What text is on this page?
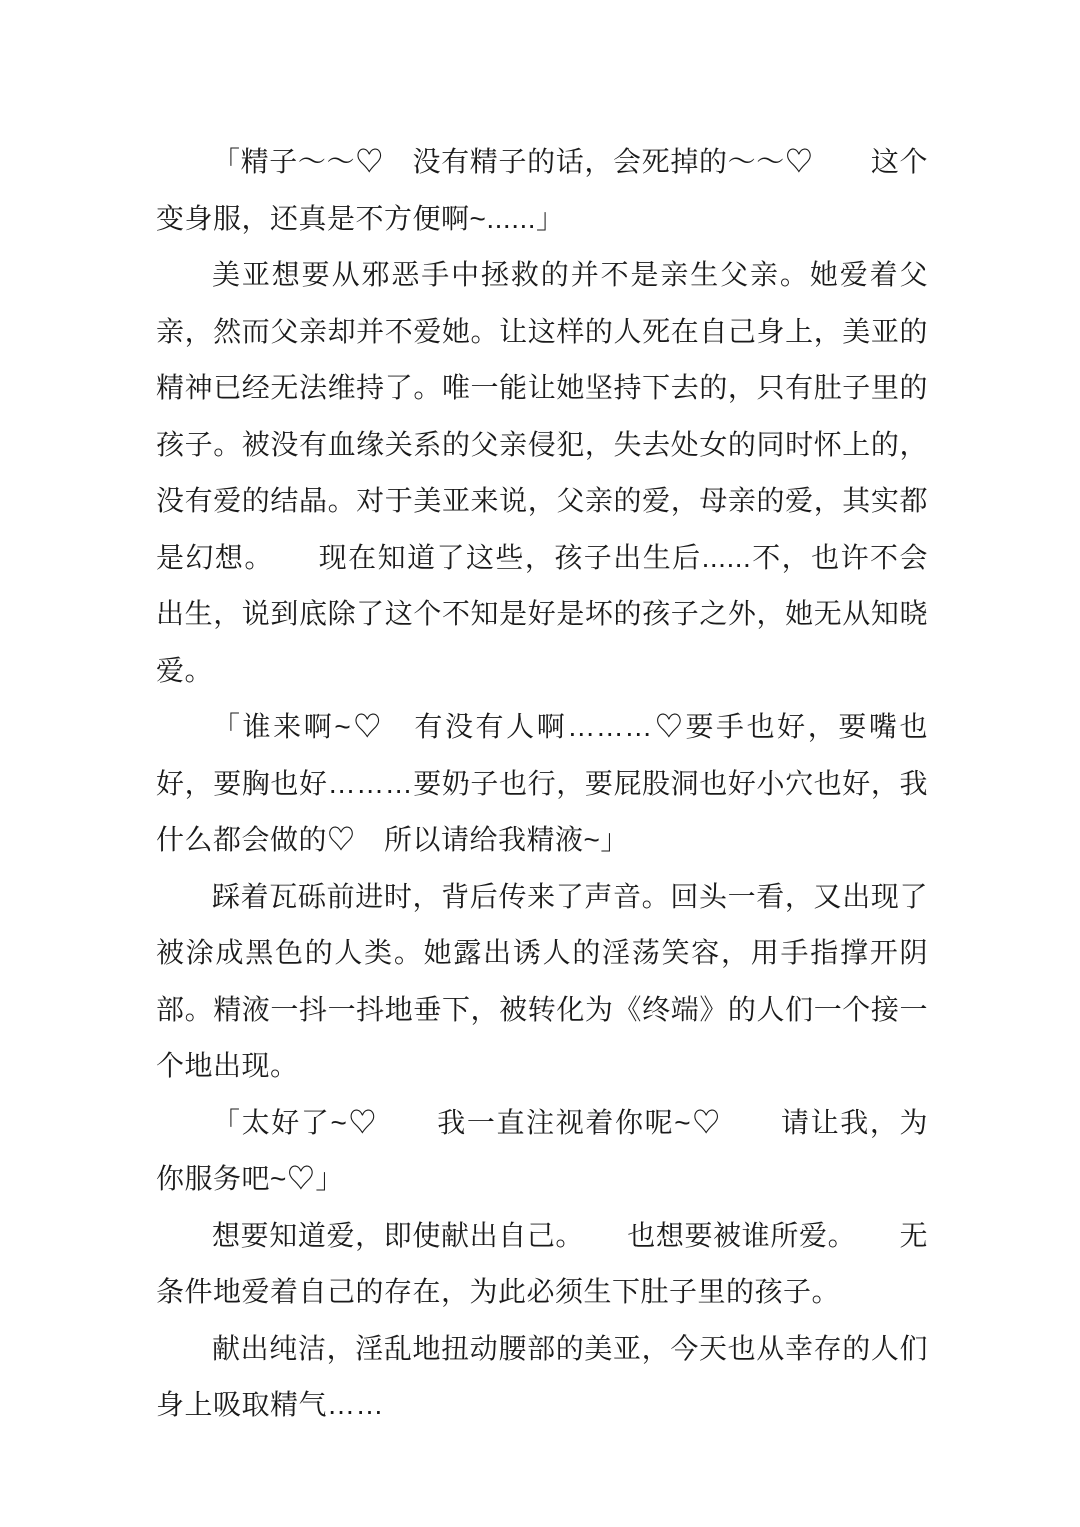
「精子～～♡　没有精子的话，会死掉的～～♡　　这个变身服，还真是不方便啊~......」

美亚想要从邪恶手中拯救的并不是亲生父亲。她爱着父亲，然而父亲却并不爱她。让这样的人死在自己身上，美亚的精神已经无法维持了。唯一能让她坚持下去的，只有肚子里的孩子。被没有血缘关系的父亲侵犯，失去处女的同时怀上的，没有爱的结晶。对于美亚来说，父亲的爱，母亲的爱，其实都是幻想。　　现在知道了这些，孩子出生后......不，也许不会出生，说到底除了这个不知是好是坏的孩子之外，她无从知晓爱。

「谁来啊~♡　有没有人啊………♡要手也好，要嘴也好，要胸也好………要奶子也行，要屁股洞也好小穴也好，我什么都会做的♡　所以请给我精液~」

踩着瓦砾前进时，背后传来了声音。回头一看，又出现了被涂成黑色的人类。她露出诱人的淫荡笑容，用手指撑开阴部。精液一抖一抖地垂下，被转化为《终端》的人们一个接一个地出现。

「太好了~♡　　我一直注视着你呢~♡　　请让我，为你服务吧~♡」

想要知道爱，即使献出自己。　　也想要被谁所爱。　　无条件地爱着自己的存在，为此必须生下肚子里的孩子。

献出纯洁，淫乱地扭动腰部的美亚，今天也从幸存的人们身上吸取精气……
